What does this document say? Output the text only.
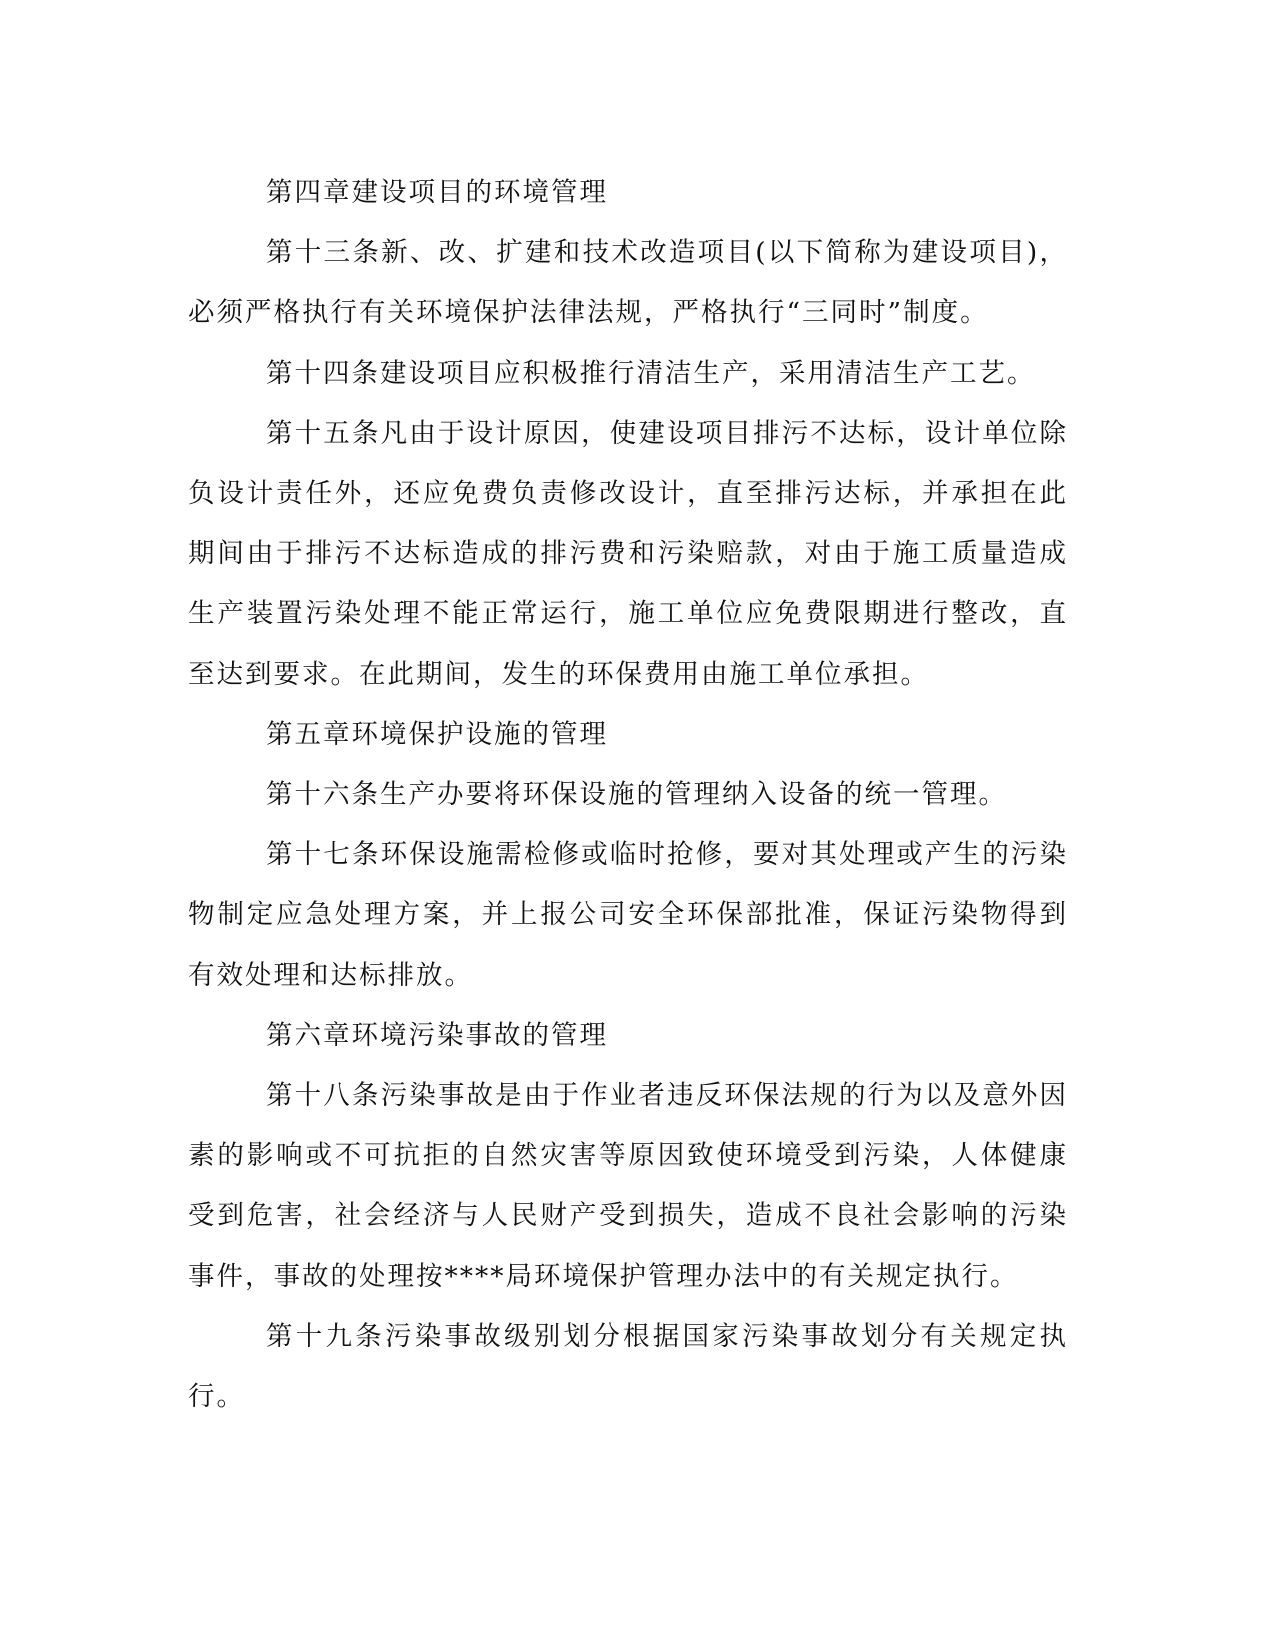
第四章建设项目的环境管理

第十三条新、改、扩建和技术改造项目(以下简称为建设项目)，必须严格执行有关环境保护法律法规，严格执行“三同时”制度。

第十四条建设项目应积极推行清洁生产，采用清洁生产工艺。

第十五条凡由于设计原因，使建设项目排污不达标，设计单位除负设计责任外，还应免费负责修改设计，直至排污达标，并承担在此期间由于排污不达标造成的排污费和污染赔款，对由于施工质量造成生产装置污染处理不能正常运行，施工单位应免费限期进行整改，直至达到要求。在此期间，发生的环保费用由施工单位承担。

第五章环境保护设施的管理

第十六条生产办要将环保设施的管理纳入设备的统一管理。

第十七条环保设施需检修或临时抢修，要对其处理或产生的污染物制定应急处理方案，并上报公司安全环保部批准，保证污染物得到有效处理和达标排放。

第六章环境污染事故的管理

第十八条污染事故是由于作业者违反环保法规的行为以及意外因素的影响或不可抗拒的自然灾害等原因致使环境受到污染，人体健康受到危害，社会经济与人民财产受到损失，造成不良社会影响的污染事件，事故的处理按****局环境保护管理办法中的有关规定执行。

第十九条污染事故级别划分根据国家污染事故划分有关规定执行。
